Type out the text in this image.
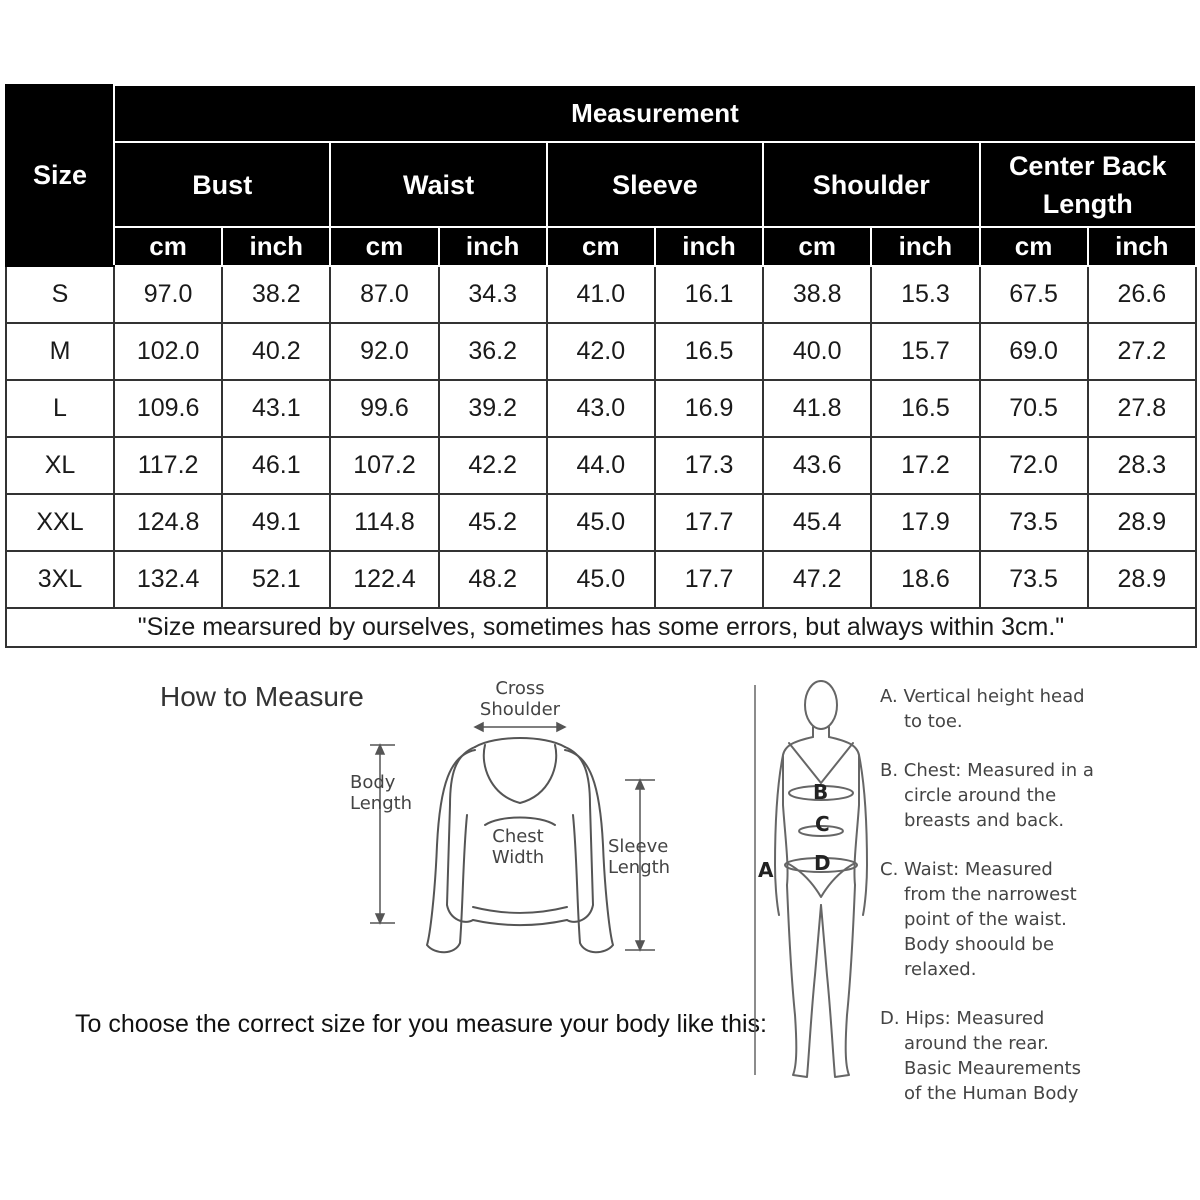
Size	Measurement									
	Bust		Waist		Sleeve		Shoulder		Center Back
Length	
	cm	inch	cm	inch	cm	inch	cm	inch	cm	inch
S	97.0	38.2	87.0	34.3	41.0	16.1	38.8	15.3	67.5	26.6
M	102.0	40.2	92.0	36.2	42.0	16.5	40.0	15.7	69.0	27.2
L	109.6	43.1	99.6	39.2	43.0	16.9	41.8	16.5	70.5	27.8
XL	117.2	46.1	107.2	42.2	44.0	17.3	43.6	17.2	72.0	28.3
XXL	124.8	49.1	114.8	45.2	45.0	17.7	45.4	17.9	73.5	28.9
3XL	132.4	52.1	122.4	48.2	45.0	17.7	47.2	18.6	73.5	28.9
"Size mearsured by ourselves, sometimes has some errors, but always within 3cm."										
How to Measure	Cross
Shoulder
Body
Length
Chest
Width
Sleeve
Length
To choose the correct size for you measure your body like this:
B
C
D
A
A. Vertical height head
to toe.
B. Chest: Measured in a
circle around the
breasts and back.
C. Waist: Measured
from the narrowest
point of the waist.
Body shoould be
relaxed.
D. Hips: Measured
around the rear.
Basic Meaurements
of the Human Body
